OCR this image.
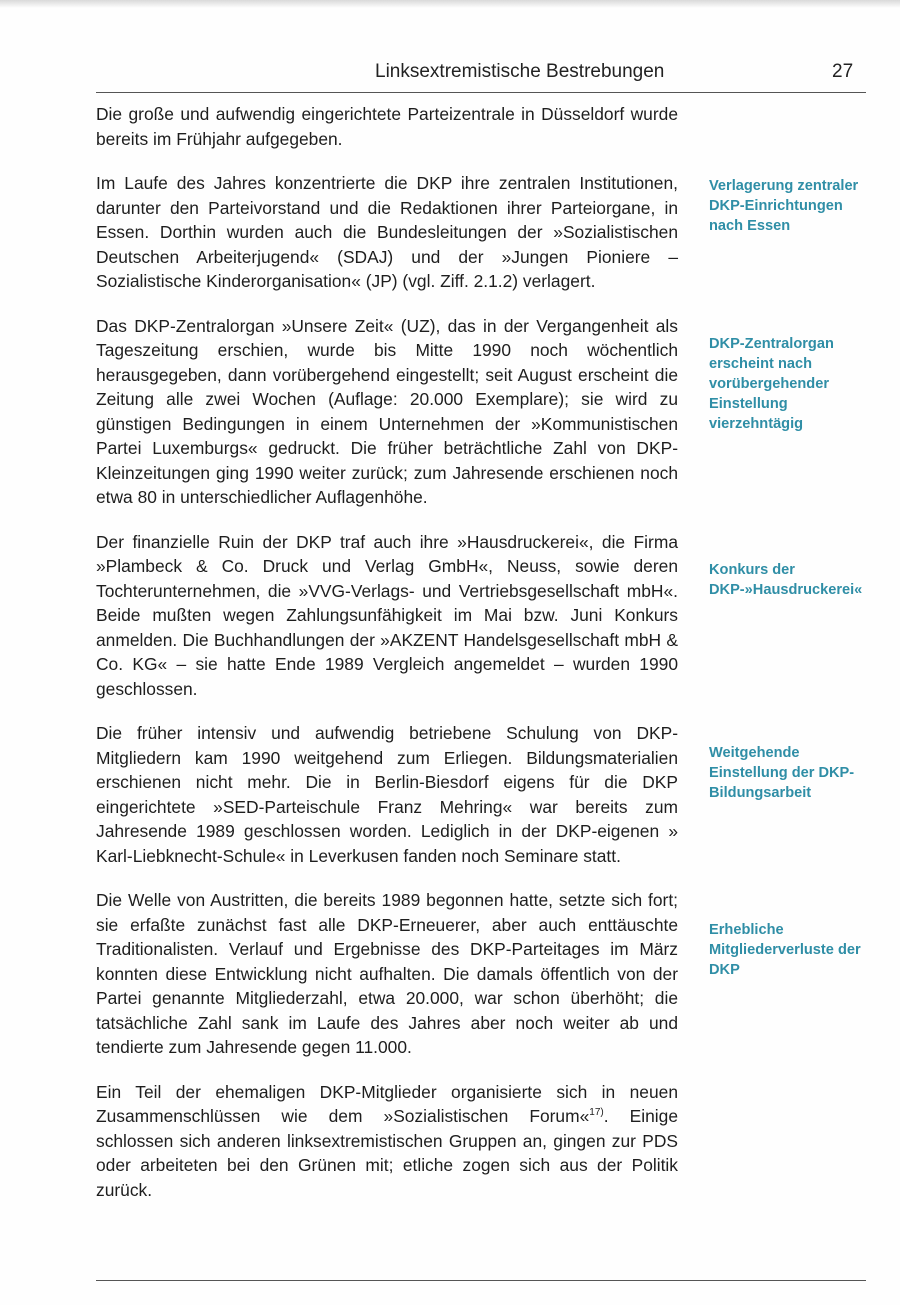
Linksextremistische Bestrebungen	27

Die große und aufwendig eingerichtete Parteizentrale in Düsseldorf wurde bereits im Frühjahr aufgegeben.

Im Laufe des Jahres konzentrierte die DKP ihre zentralen Institutionen, darunter den Parteivorstand und die Redaktionen ihrer Parteiorgane, in Essen. Dorthin wurden auch die Bundesleitungen der »Sozialistischen Deutschen Arbeiterjugend« (SDAJ) und der »Jungen Pioniere – Sozialistische Kinderorganisation« (JP) (vgl. Ziff. 2.1.2) verlagert.

Das DKP-Zentralorgan »Unsere Zeit« (UZ), das in der Vergangenheit als Tageszeitung erschien, wurde bis Mitte 1990 noch wöchentlich herausgegeben, dann vorübergehend eingestellt; seit August erscheint die Zeitung alle zwei Wochen (Auflage: 20.000 Exemplare); sie wird zu günstigen Bedingungen in einem Unternehmen der »Kommunistischen Partei Luxemburgs« gedruckt. Die früher beträchtliche Zahl von DKP-Kleinzeitungen ging 1990 weiter zurück; zum Jahresende erschienen noch etwa 80 in unterschiedlicher Auflagenhöhe.

Der finanzielle Ruin der DKP traf auch ihre »Hausdruckerei«, die Firma »Plambeck & Co. Druck und Verlag GmbH«, Neuss, sowie deren Tochterunternehmen, die »VVG-Verlags- und Vertriebsgesellschaft mbH«. Beide mußten wegen Zahlungsunfähigkeit im Mai bzw. Juni Konkurs anmelden. Die Buchhandlungen der »AKZENT Handelsgesellschaft mbH & Co. KG« – sie hatte Ende 1989 Vergleich angemeldet – wurden 1990 geschlossen.

Die früher intensiv und aufwendig betriebene Schulung von DKP-Mitgliedern kam 1990 weitgehend zum Erliegen. Bildungsmaterialien erschienen nicht mehr. Die in Berlin-Biesdorf eigens für die DKP eingerichtete »SED-Parteischule Franz Mehring« war bereits zum Jahresende 1989 geschlossen worden. Lediglich in der DKP-eigenen » Karl-Liebknecht-Schule« in Leverkusen fanden noch Seminare statt.

Die Welle von Austritten, die bereits 1989 begonnen hatte, setzte sich fort; sie erfaßte zunächst fast alle DKP-Erneuerer, aber auch enttäuschte Traditionalisten. Verlauf und Ergebnisse des DKP-Parteitages im März konnten diese Entwicklung nicht aufhalten. Die damals öffentlich von der Partei genannte Mitgliederzahl, etwa 20.000, war schon überhöht; die tatsächliche Zahl sank im Laufe des Jahres aber noch weiter ab und tendierte zum Jahresende gegen 11.000.

Ein Teil der ehemaligen DKP-Mitglieder organisierte sich in neuen Zusammenschlüssen wie dem »Sozialistischen Forum«$^{17)}$. Einige schlossen sich anderen linksextremistischen Gruppen an, gingen zur PDS oder arbeiteten bei den Grünen mit; etliche zogen sich aus der Politik zurück.

Verlagerung zentraler DKP-Einrichtungen nach Essen
DKP-Zentralorgan erscheint nach vorübergehender Einstellung vierzehntägig
Konkurs der DKP-»Hausdruckerei«
Weitgehende Einstellung der DKP-Bildungsarbeit
Erhebliche Mitgliederverluste der DKP
